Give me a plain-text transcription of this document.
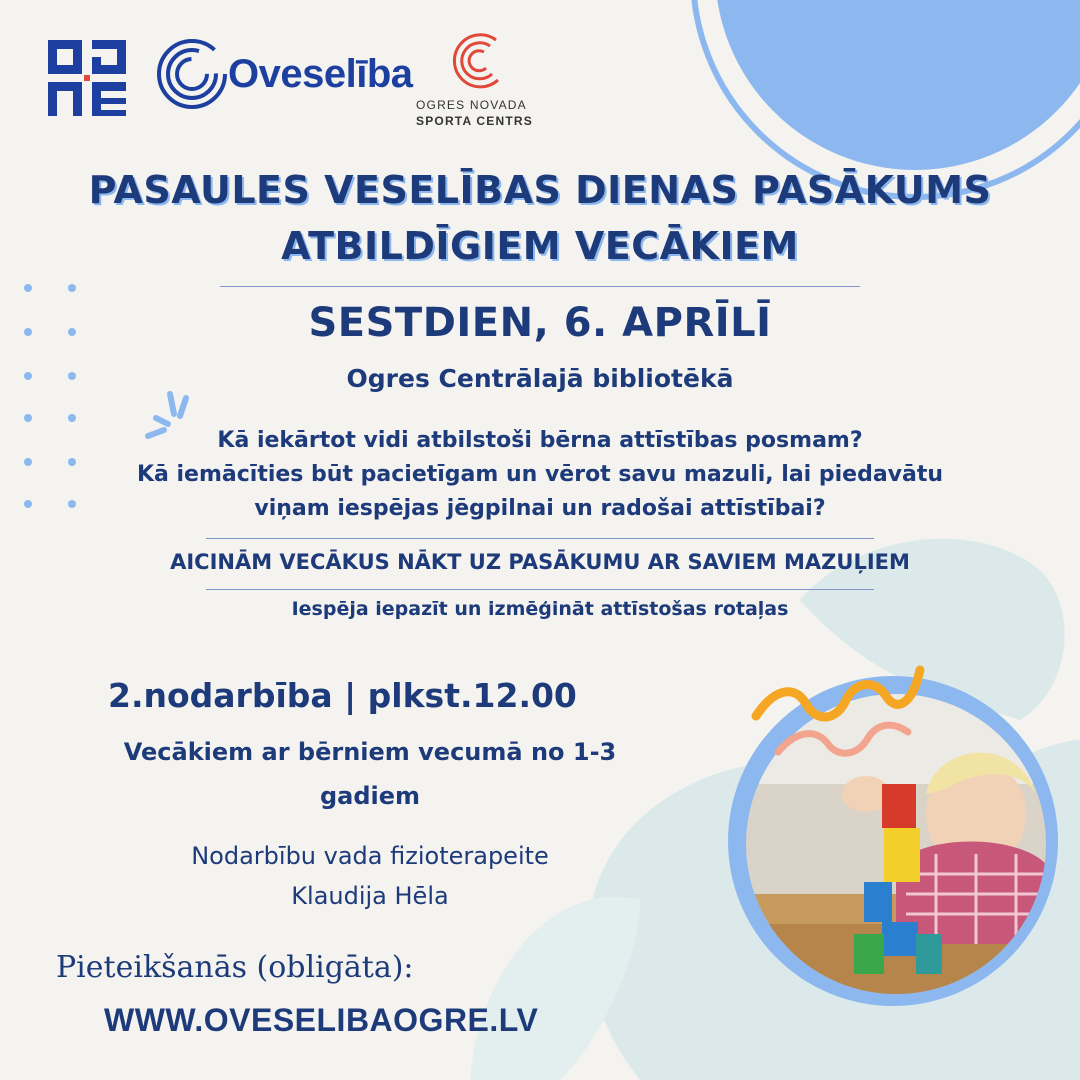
Oveselība
OGRES NOVADA
SPORTA CENTRS
PASAULES VESELĪBAS DIENAS PASĀKUMS
ATBILDĪGIEM VECĀKIEM
SESTDIEN, 6. APRĪLĪ
Ogres Centrālajā bibliotēkā
Kā iekārtot vidi atbilstoši bērna attīstības posmam?
Kā iemācīties būt pacietīgam un vērot savu mazuli, lai piedavātu
viņam iespējas jēgpilnai un radošai attīstībai?
AICINĀM VECĀKUS NĀKT UZ PASĀKUMU AR SAVIEM MAZUĻIEM
Iespēja iepazīt un izmēģināt attīstošas rotaļas
2.nodarbība | plkst.12.00
Vecākiem ar bērniem vecumā no 1-3
gadiem
Nodarbību vada fizioterapeite
Klaudija Hēla
Pieteikšanās (obligāta):
WWW.OVESELIBAOGRE.LV
